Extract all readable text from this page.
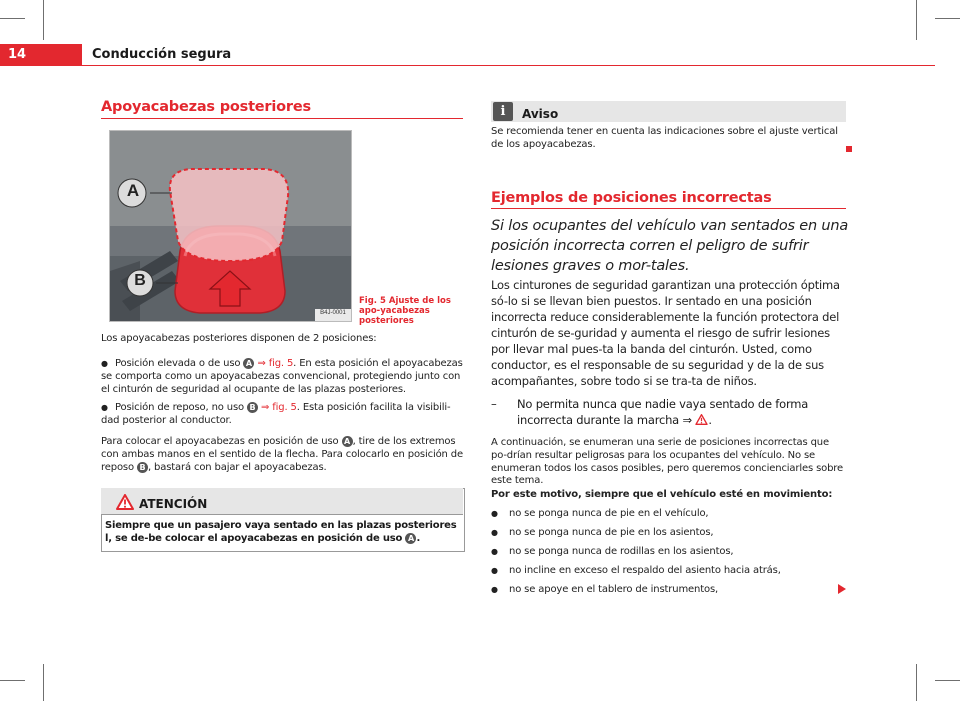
14	Conducción segura
Apoyacabezas posteriores
A
B
B4J-0001
Fig. 5 Ajuste de los apo-yacabezas posteriores
Los apoyacabezas posteriores disponen de 2 posiciones:
● Posición elevada o de uso A ⇒ fig. 5. En esta posición el apoyacabezas se comporta como un apoyacabezas convencional, protegiendo junto con el cinturón de seguridad al ocupante de las plazas posteriores.
● Posición de reposo, no uso B ⇒ fig. 5. Esta posición facilita la visibili-dad posterior al conductor.
Para colocar el apoyacabezas en posición de uso A , tire de los extremos con ambas manos en el sentido de la flecha. Para colocarlo en posición de reposo B , bastará con bajar el apoyacabezas.
ATENCIÓN
Siempre que un pasajero vaya sentado en las plazas posteriores l, se de-be colocar el apoyacabezas en posición de uso A .
i	Aviso
Se recomienda tener en cuenta las indicaciones sobre el ajuste vertical de los apoyacabezas.
Ejemplos de posiciones incorrectas
Si los ocupantes del vehículo van sentados en una posición incorrecta corren el peligro de sufrir lesiones graves o mor-tales.
Los cinturones de seguridad garantizan una protección óptima só-lo si se llevan bien puestos. Ir sentado en una posición incorrecta reduce considerablemente la función protectora del cinturón de se-guridad y aumenta el riesgo de sufrir lesiones por llevar mal pues-ta la banda del cinturón. Usted, como conductor, es el responsable de su seguridad y de la de sus acompañantes, sobre todo si se tra-ta de niños.
–	No permita nunca que nadie vaya sentado de forma incorrecta durante la marcha ⇒ .
A continuación, se enumeran una serie de posiciones incorrectas que po-drían resultar peligrosas para los ocupantes del vehículo. No se enumeran todos los casos posibles, pero queremos concienciarles sobre este tema.
Por este motivo, siempre que el vehículo esté en movimiento:
● no se ponga nunca de pie en el vehículo,
● no se ponga nunca de pie en los asientos,
● no se ponga nunca de rodillas en los asientos,
● no incline en exceso el respaldo del asiento hacia atrás,
● no se apoye en el tablero de instrumentos,
